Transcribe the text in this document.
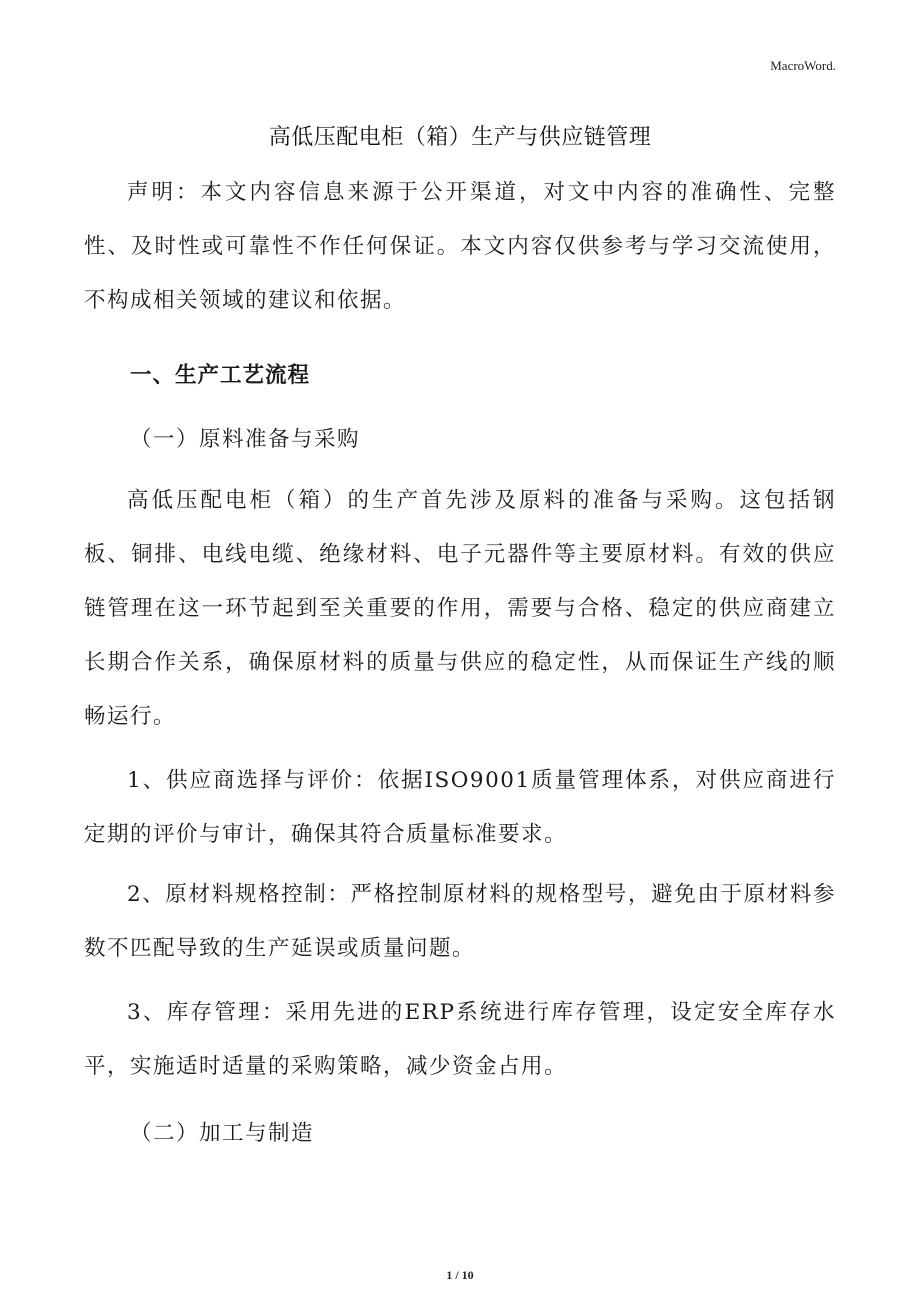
MacroWord.
高低压配电柜（箱）生产与供应链管理

声明：本文内容信息来源于公开渠道，对文中内容的准确性、完整性、及时性或可靠性不作任何保证。本文内容仅供参考与学习交流使用，不构成相关领域的建议和依据。

一、生产工艺流程
（一）原料准备与采购

高低压配电柜（箱）的生产首先涉及原料的准备与采购。这包括钢板、铜排、电线电缆、绝缘材料、电子元器件等主要原材料。有效的供应链管理在这一环节起到至关重要的作用，需要与合格、稳定的供应商建立长期合作关系，确保原材料的质量与供应的稳定性，从而保证生产线的顺畅运行。

1、供应商选择与评价：依据ISO9001质量管理体系，对供应商进行定期的评价与审计，确保其符合质量标准要求。

2、原材料规格控制：严格控制原材料的规格型号，避免由于原材料参数不匹配导致的生产延误或质量问题。

3、库存管理：采用先进的ERP系统进行库存管理，设定安全库存水平，实施适时适量的采购策略，减少资金占用。

（二）加工与制造
1 / 10
